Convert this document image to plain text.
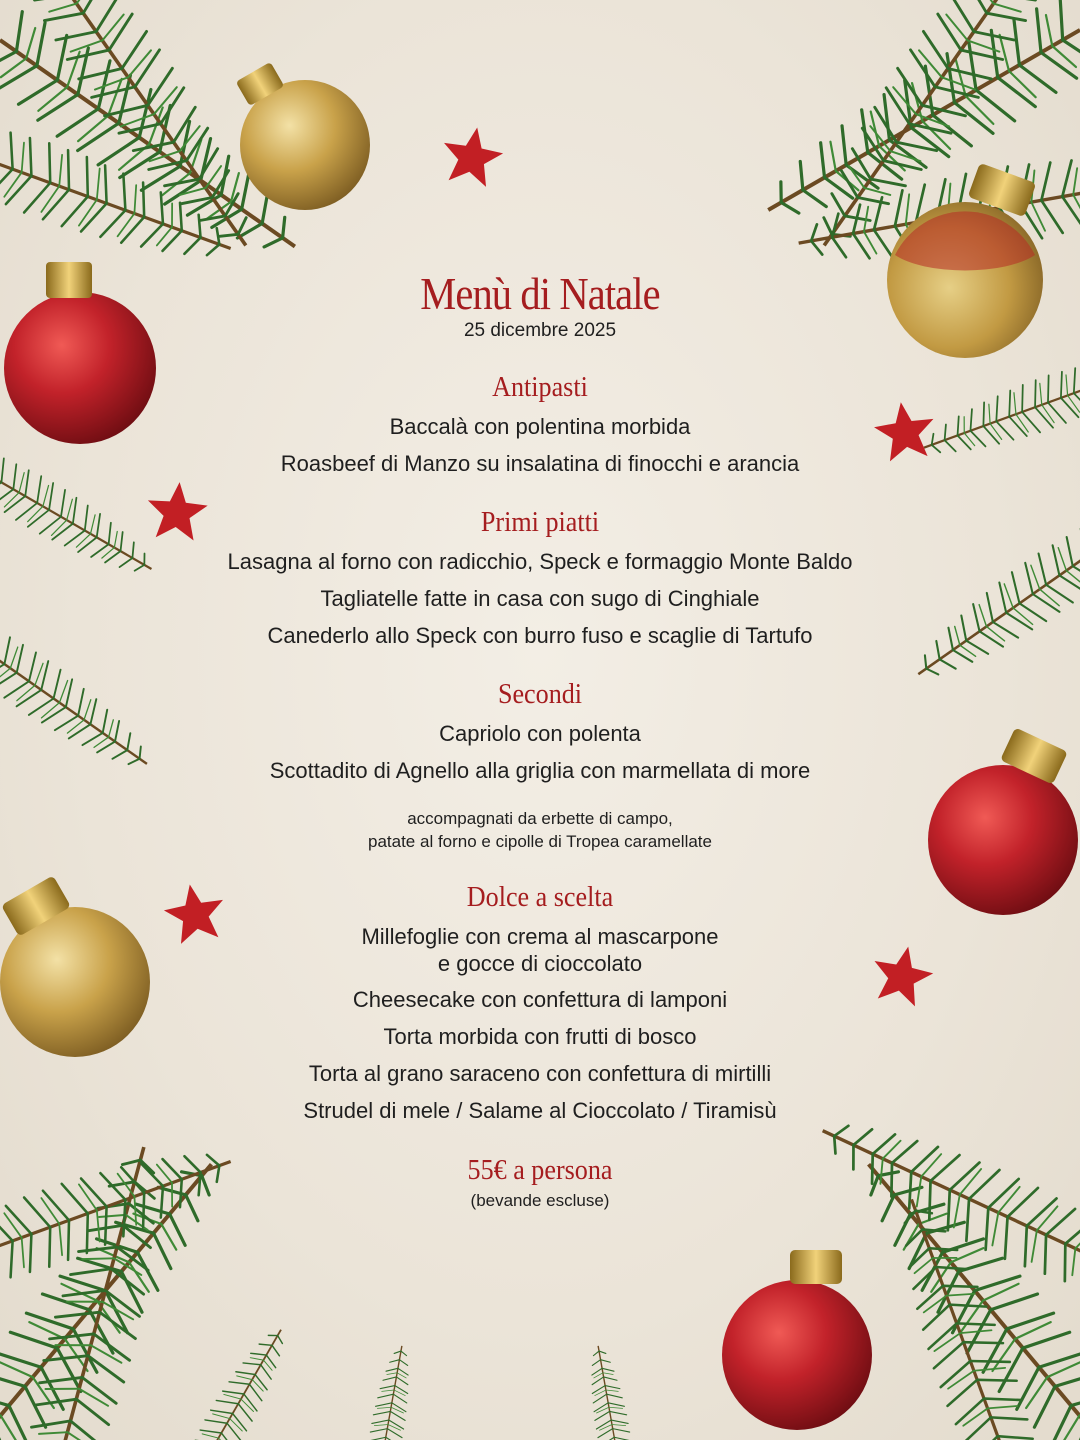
Menù di Natale
25 dicembre 2025
Antipasti
Baccalà con polentina morbida
Roasbeef di Manzo su insalatina di finocchi e arancia
Primi piatti
Lasagna al forno con radicchio, Speck e formaggio Monte Baldo
Tagliatelle fatte in casa con sugo di Cinghiale
Canederlo allo Speck con burro fuso e scaglie di Tartufo
Secondi
Capriolo con polenta
Scottadito di Agnello alla griglia con marmellata di more
accompagnati da erbette di campo,
patate al forno e cipolle di Tropea caramellate
Dolce a scelta
Millefoglie con crema al mascarpone
e gocce di cioccolato
Cheesecake con confettura di lamponi
Torta morbida con frutti di bosco
Torta al grano saraceno con confettura di mirtilli
Strudel di mele / Salame al Cioccolato / Tiramisù
55€ a persona
(bevande escluse)
